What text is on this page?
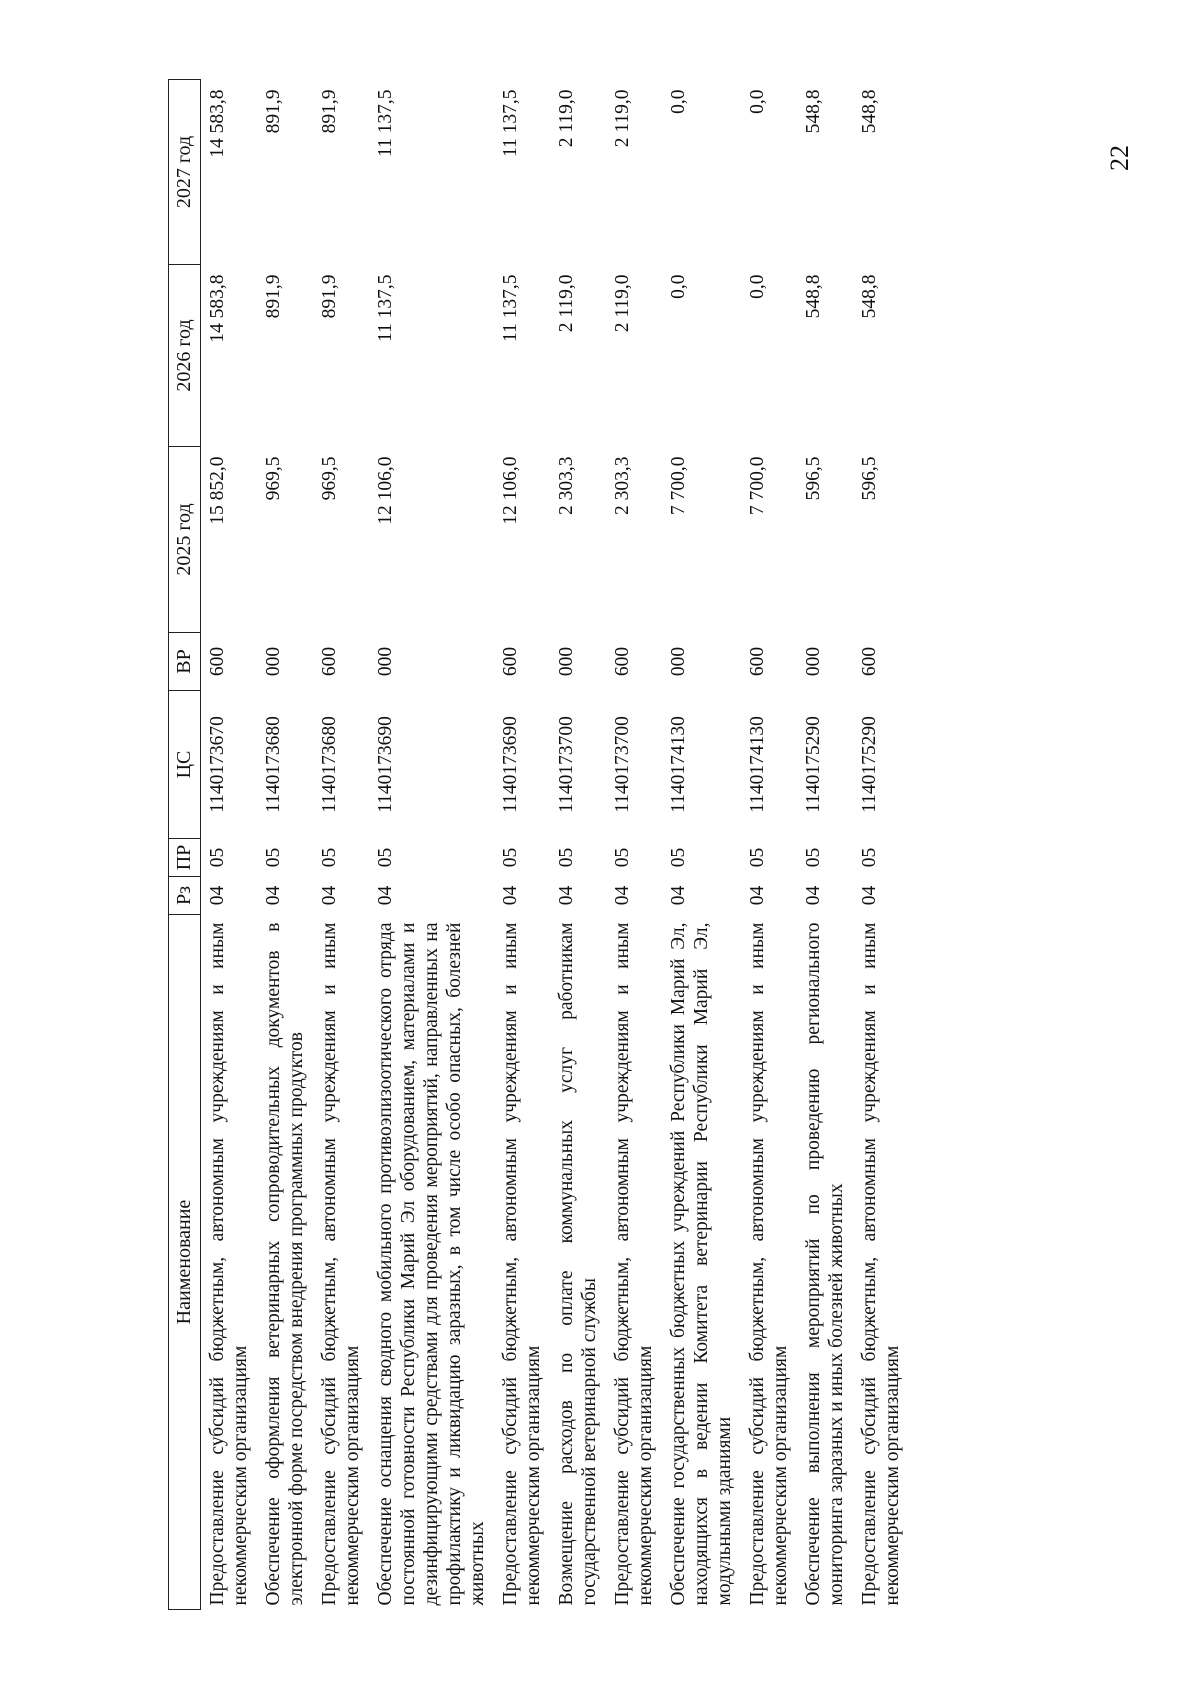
22
Наименование	Рз	ПР	ЦС	ВР	2025 год	2026 год	2027 год
Предоставление субсидий бюджетным, автономным учреждениям и иным некоммерческим организациям	04	05	1140173670	600	15 852,0	14 583,8	14 583,8
Обеспечение оформления ветеринарных сопроводительных документов в электронной форме посредством внедрения программных продуктов	04	05	1140173680	000	969,5	891,9	891,9
Предоставление субсидий бюджетным, автономным учреждениям и иным некоммерческим организациям	04	05	1140173680	600	969,5	891,9	891,9
Обеспечение оснащения сводного мобильного противоэпизоотического отряда постоянной готовности Республики Марий Эл оборудованием, материалами и дезинфицирующими средствами для проведения мероприятий, направленных на профилактику и ликвидацию заразных, в том числе особо опасных, болезней животных	04	05	1140173690	000	12 106,0	11 137,5	11 137,5
Предоставление субсидий бюджетным, автономным учреждениям и иным некоммерческим организациям	04	05	1140173690	600	12 106,0	11 137,5	11 137,5
Возмещение расходов по оплате коммунальных услуг работникам государственной ветеринарной службы	04	05	1140173700	000	2 303,3	2 119,0	2 119,0
Предоставление субсидий бюджетным, автономным учреждениям и иным некоммерческим организациям	04	05	1140173700	600	2 303,3	2 119,0	2 119,0
Обеспечение государственных бюджетных учреждений Республики Марий Эл, находящихся в ведении Комитета ветеринарии Республики Марий Эл, модульными зданиями	04	05	1140174130	000	7 700,0	0,0	0,0
Предоставление субсидий бюджетным, автономным учреждениям и иным некоммерческим организациям	04	05	1140174130	600	7 700,0	0,0	0,0
Обеспечение выполнения мероприятий по проведению регионального мониторинга заразных и иных болезней животных	04	05	1140175290	000	596,5	548,8	548,8
Предоставление субсидий бюджетным, автономным учреждениям и иным некоммерческим организациям	04	05	1140175290	600	596,5	548,8	548,8
